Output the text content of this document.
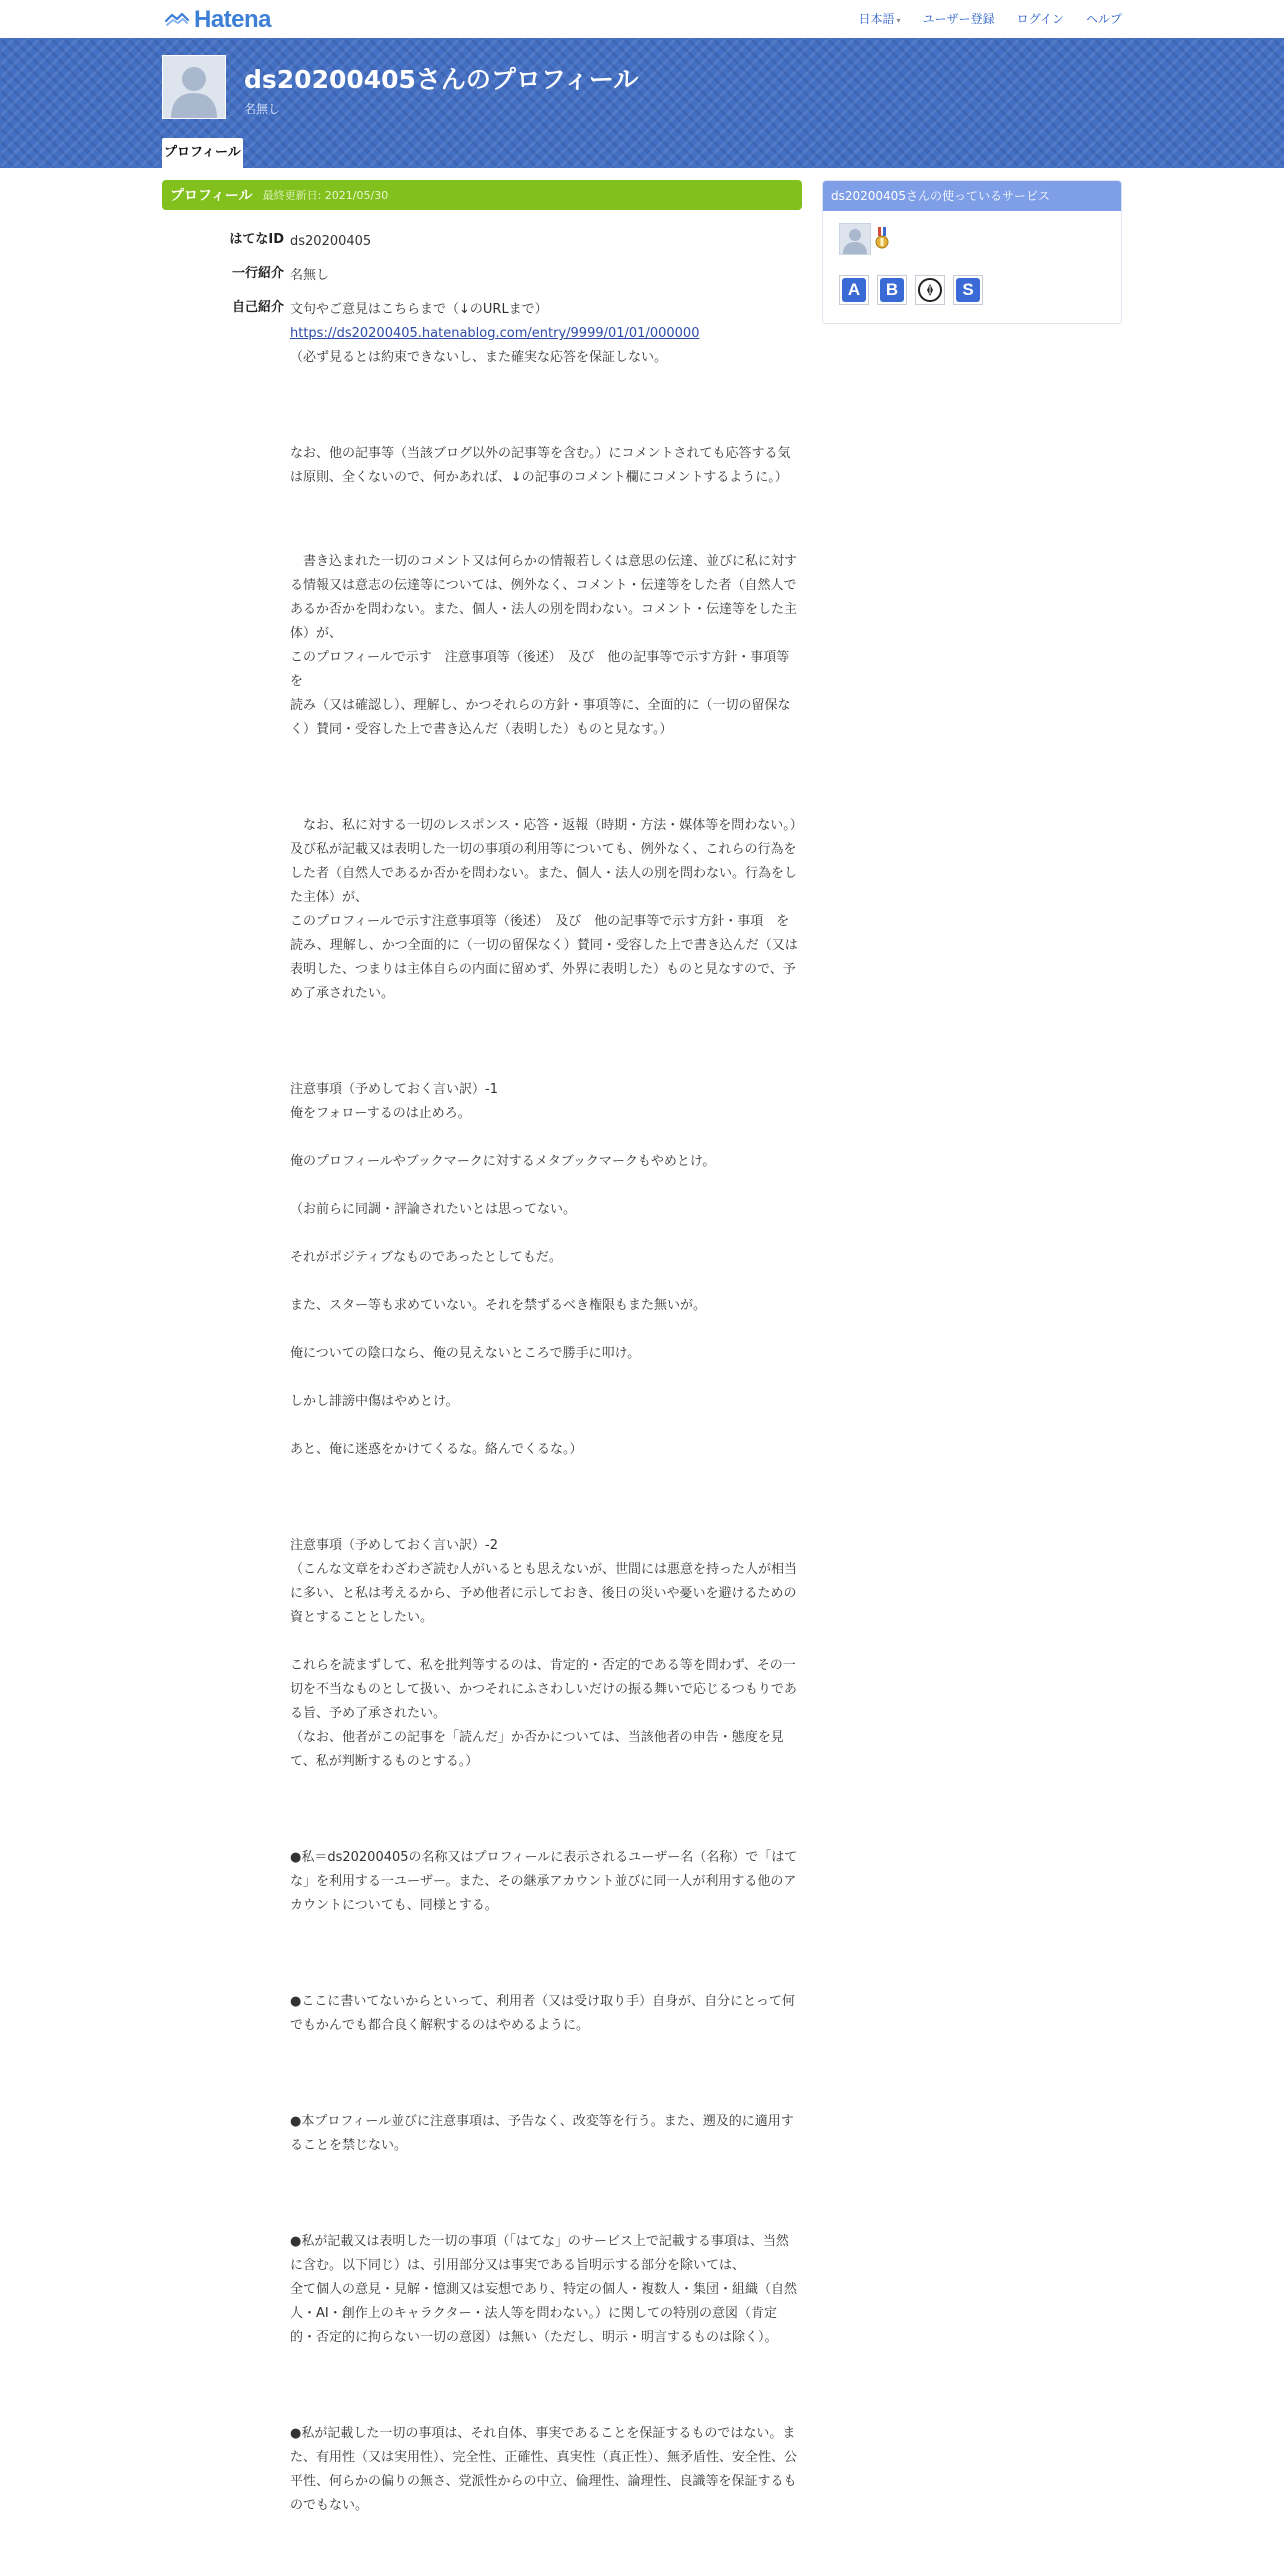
Hatena	日本語 ▾ ユーザー登録 ログイン ヘルプ
ds20200405さんのプロフィール
名無し
プロフィール
プロフィール 最終更新日: 2021/05/30
はてなID ds20200405
一行紹介 名無し
自己紹介 文句やご意見はこちらまで（↓のURLまで）
https://ds20200405.hatenablog.com/entry/9999/01/01/000000

（必ず見るとは約束できないし、また確実な応答を保証しない。

なお、他の記事等（当該ブログ以外の記事等を含む。）にコメントされても応答する気は原則、全くないので、何かあれば、↓の記事のコメント欄にコメントするように。）

　書き込まれた一切のコメント又は何らかの情報若しくは意思の伝達、並びに私に対する情報又は意志の伝達等については、例外なく、コメント・伝達等をした者（自然人であるか否かを問わない。また、個人・法人の別を問わない。コメント・伝達等をした主体）が、
このプロフィールで示す　注意事項等（後述）　及び　他の記事等で示す方針・事項等　を
読み（又は確認し）、理解し、かつそれらの方針・事項等に、全面的に（一切の留保なく）賛同・受容した上で書き込んだ（表明した）ものと見なす。）

　なお、私に対する一切のレスポンス・応答・返報（時期・方法・媒体等を問わない。）及び私が記載又は表明した一切の事項の利用等についても、例外なく、これらの行為をした者（自然人であるか否かを問わない。また、個人・法人の別を問わない。行為をした主体）が、
このプロフィールで示す注意事項等（後述）　及び　他の記事等で示す方針・事項　を
読み、理解し、かつ全面的に（一切の留保なく）賛同・受容した上で書き込んだ（又は表明した、つまりは主体自らの内面に留めず、外界に表明した）ものと見なすので、予め了承されたい。

注意事項（予めしておく言い訳）-1
俺をフォローするのは止めろ。

俺のプロフィールやブックマークに対するメタブックマークもやめとけ。

（お前らに同調・評論されたいとは思ってない。

それがポジティブなものであったとしてもだ。

また、スター等も求めていない。それを禁ずるべき権限もまた無いが。

俺についての陰口なら、俺の見えないところで勝手に叩け。

しかし誹謗中傷はやめとけ。

あと、俺に迷惑をかけてくるな。絡んでくるな。）

注意事項（予めしておく言い訳）-2
（こんな文章をわざわざ読む人がいるとも思えないが、世間には悪意を持った人が相当に多い、と私は考えるから、予め他者に示しておき、後日の災いや憂いを避けるための資とすることとしたい。

これらを読まずして、私を批判等するのは、肯定的・否定的である等を問わず、その一切を不当なものとして扱い、かつそれにふさわしいだけの振る舞いで応じるつもりである旨、予め了承されたい。
（なお、他者がこの記事を「読んだ」か否かについては、当該他者の申告・態度を見て、私が判断するものとする。）

●私＝ds20200405の名称又はプロフィールに表示されるユーザー名（名称）で「はてな」を利用する一ユーザー。また、その継承アカウント並びに同一人が利用する他のアカウントについても、同様とする。

●ここに書いてないからといって、利用者（又は受け取り手）自身が、自分にとって何でもかんでも都合良く解釈するのはやめるように。

●本プロフィール並びに注意事項は、予告なく、改変等を行う。また、遡及的に適用することを禁じない。

●私が記載又は表明した一切の事項（「はてな」のサービス上で記載する事項は、当然に含む。以下同じ）は、引用部分又は事実である旨明示する部分を除いては、
全て個人の意見・見解・憶測又は妄想であり、特定の個人・複数人・集団・組織（自然人・AI・創作上のキャラクター・法人等を問わない。）に関しての特別の意図（肯定的・否定的に拘らない一切の意図）は無い（ただし、明示・明言するものは除く）。

●私が記載した一切の事項は、それ自体、事実であることを保証するものではない。また、有用性（又は実用性）、完全性、正確性、真実性（真正性）、無矛盾性、安全性、公平性、何らかの偏りの無さ、党派性からの中立、倫理性、論理性、良識等を保証するものでもない。

ds20200405さんの使っているサービス
A	B	S
